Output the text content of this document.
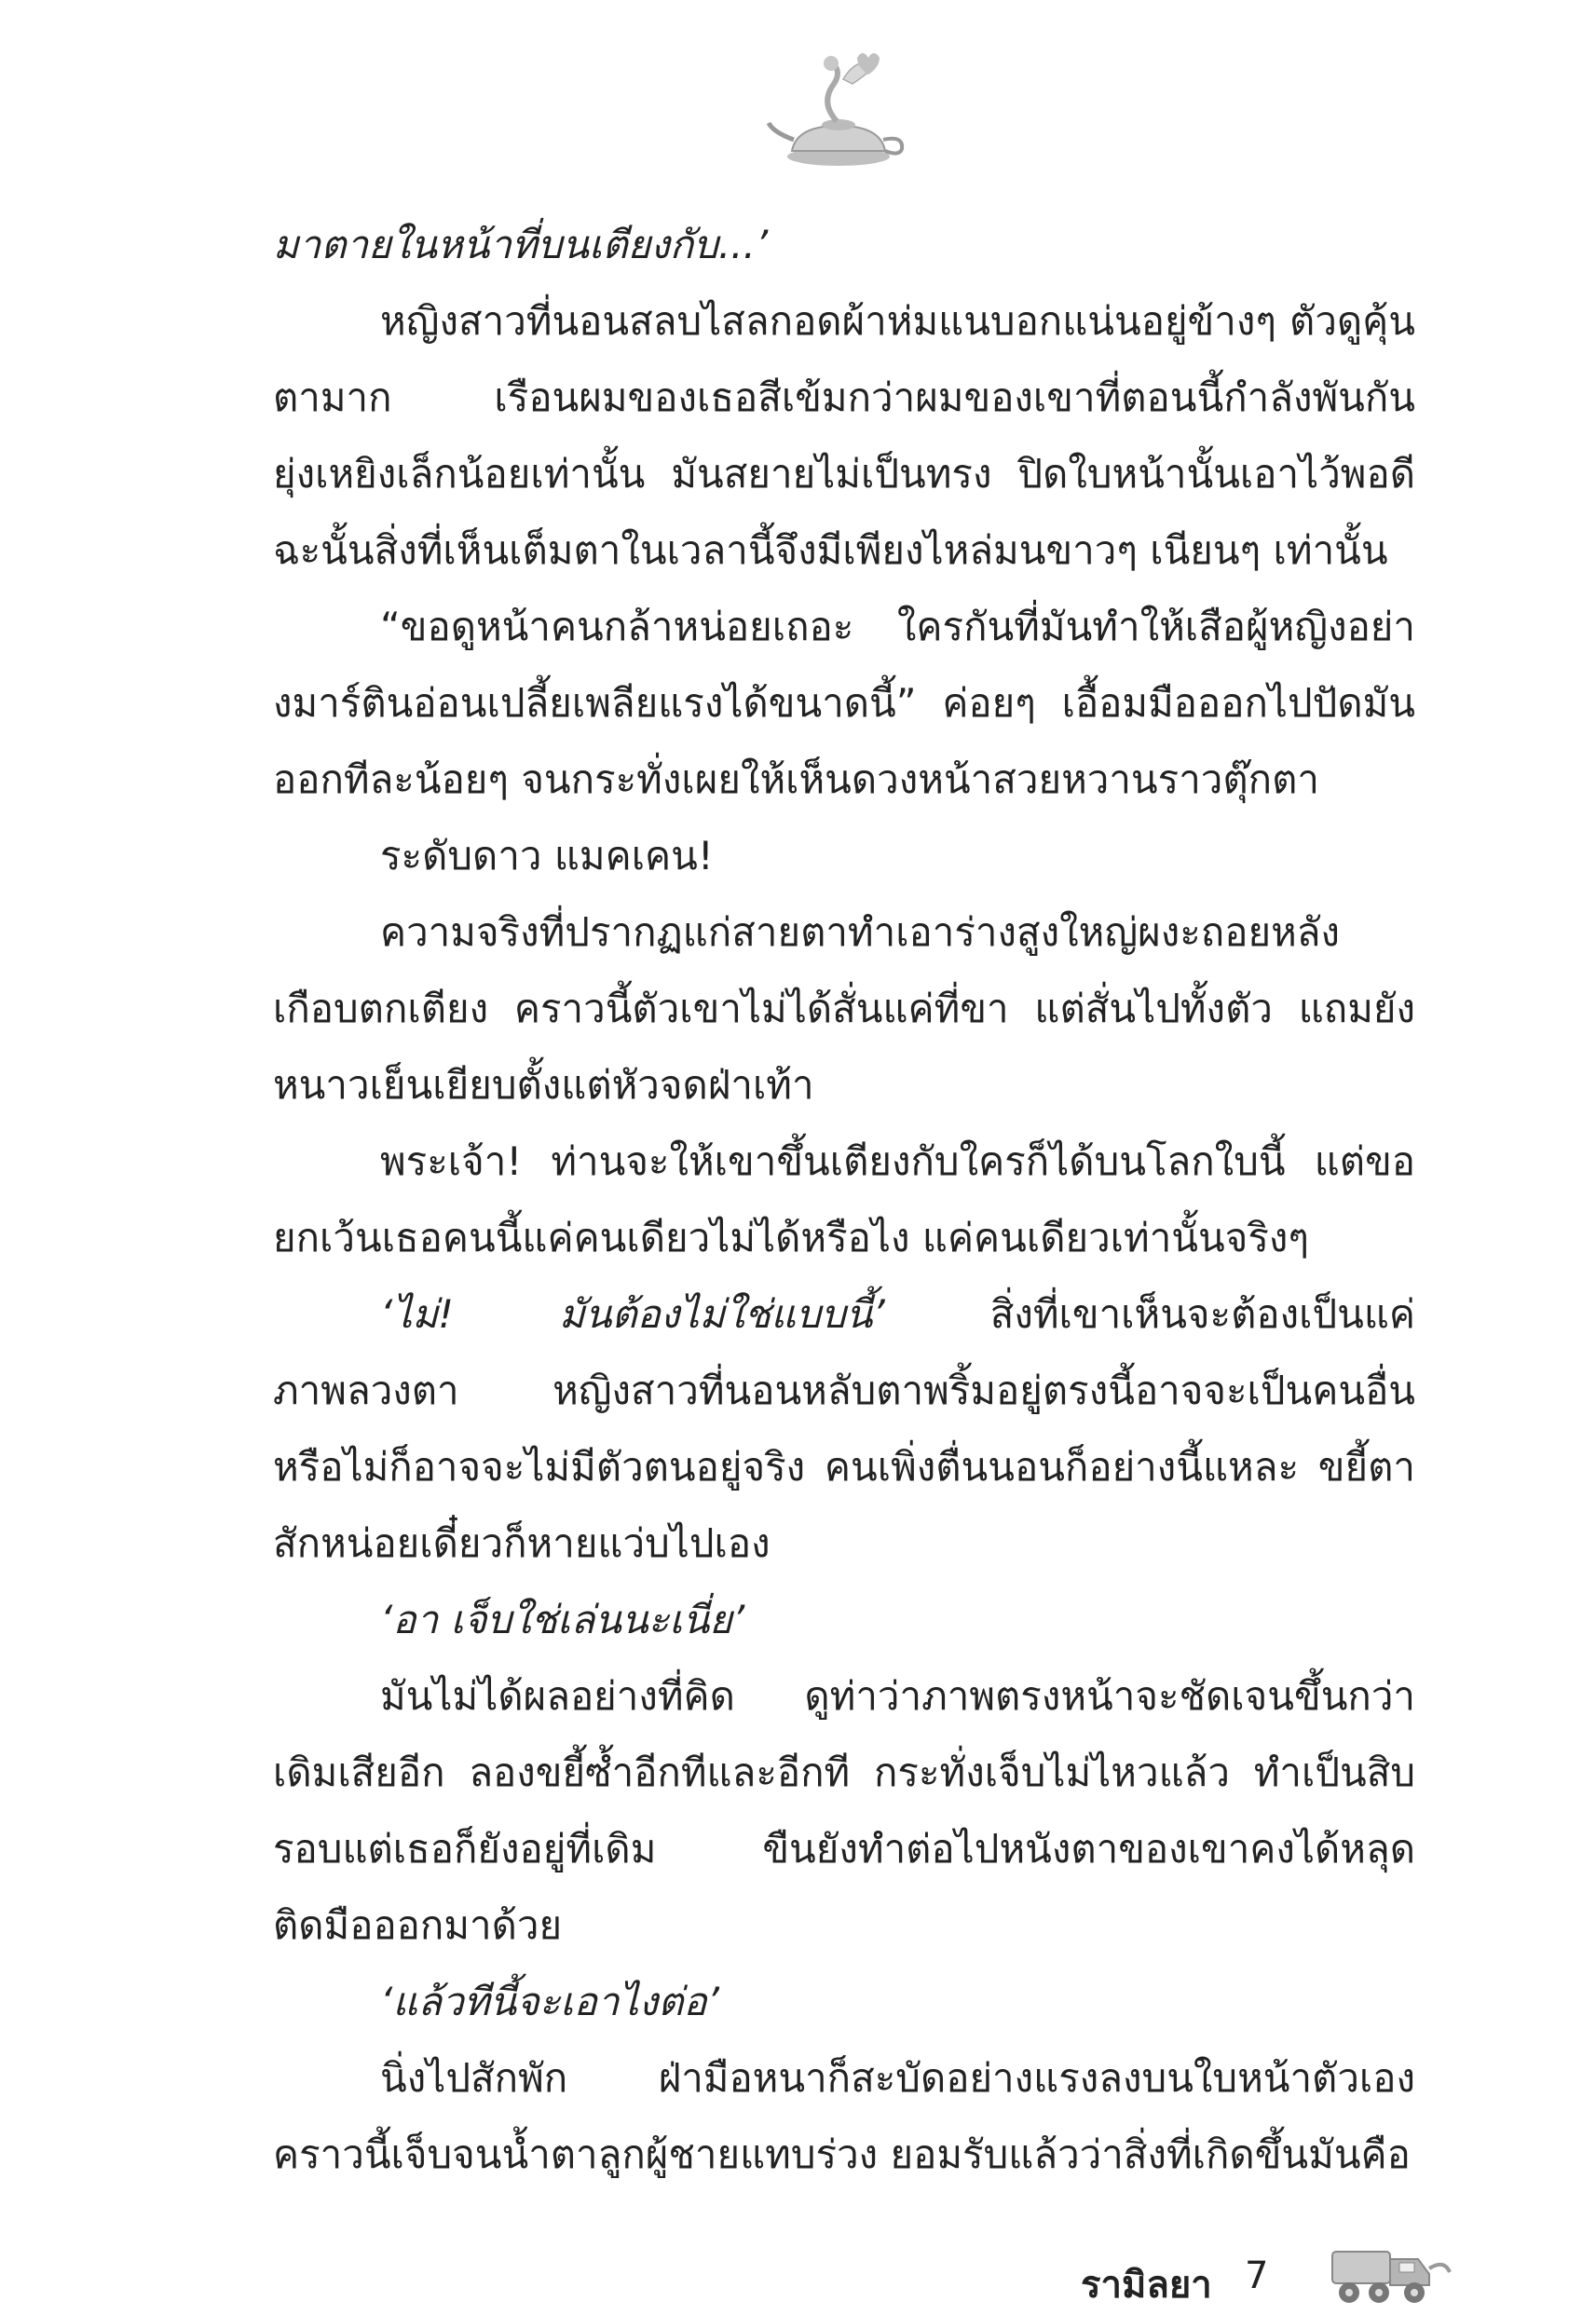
มาตายในหน้าที่บนเตียงกับ...’

หญิงสาวที่นอนสลบไสลกอดผ้าห่มแนบอกแน่นอยู่ข้างๆ ตัวดูคุ้นตามาก เรือนผมของเธอสีเข้มกว่าผมของเขาที่ตอนนี้กำลังพันกันยุ่งเหยิงเล็กน้อยเท่านั้น มันสยายไม่เป็นทรง ปิดใบหน้านั้นเอาไว้พอดี ฉะนั้นสิ่งที่เห็นเต็มตาในเวลานี้จึงมีเพียงไหล่มนขาวๆ เนียนๆ เท่านั้น

“ขอดูหน้าคนกล้าหน่อยเถอะ ใครกันที่มันทำให้เสือผู้หญิงอย่างมาร์ตินอ่อนเปลี้ยเพลียแรงได้ขนาดนี้” ค่อยๆ เอื้อมมือออกไปปัดมันออกทีละน้อยๆ จนกระทั่งเผยให้เห็นดวงหน้าสวยหวานราวตุ๊กตา

ระดับดาว แมคเคน!

ความจริงที่ปรากฏแก่สายตาทำเอาร่างสูงใหญ่ผงะถอยหลังเกือบตกเตียง คราวนี้ตัวเขาไม่ได้สั่นแค่ที่ขา แต่สั่นไปทั้งตัว แถมยังหนาวเย็นเยียบตั้งแต่หัวจดฝ่าเท้า

พระเจ้า! ท่านจะให้เขาขึ้นเตียงกับใครก็ได้บนโลกใบนี้ แต่ขอยกเว้นเธอคนนี้แค่คนเดียวไม่ได้หรือไง แค่คนเดียวเท่านั้นจริงๆ

‘ไม่! มันต้องไม่ใช่แบบนี้’ สิ่งที่เขาเห็นจะต้องเป็นแค่ภาพลวงตา หญิงสาวที่นอนหลับตาพริ้มอยู่ตรงนี้อาจจะเป็นคนอื่น หรือไม่ก็อาจจะไม่มีตัวตนอยู่จริง คนเพิ่งตื่นนอนก็อย่างนี้แหละ ขยี้ตาสักหน่อยเดี๋ยวก็หายแว่บไปเอง

‘อา เจ็บใช่เล่นนะเนี่ย’

มันไม่ได้ผลอย่างที่คิด ดูท่าว่าภาพตรงหน้าจะชัดเจนขึ้นกว่าเดิมเสียอีก ลองขยี้ซ้ำอีกทีและอีกที กระทั่งเจ็บไม่ไหวแล้ว ทำเป็นสิบรอบแต่เธอก็ยังอยู่ที่เดิม ขืนยังทำต่อไปหนังตาของเขาคงได้หลุดติดมือออกมาด้วย

‘แล้วทีนี้จะเอาไงต่อ’

นิ่งไปสักพัก ฝ่ามือหนาก็สะบัดอย่างแรงลงบนใบหน้าตัวเองคราวนี้เจ็บจนน้ำตาลูกผู้ชายแทบร่วง ยอมรับแล้วว่าสิ่งที่เกิดขึ้นมันคือ

รามิลยา 7
